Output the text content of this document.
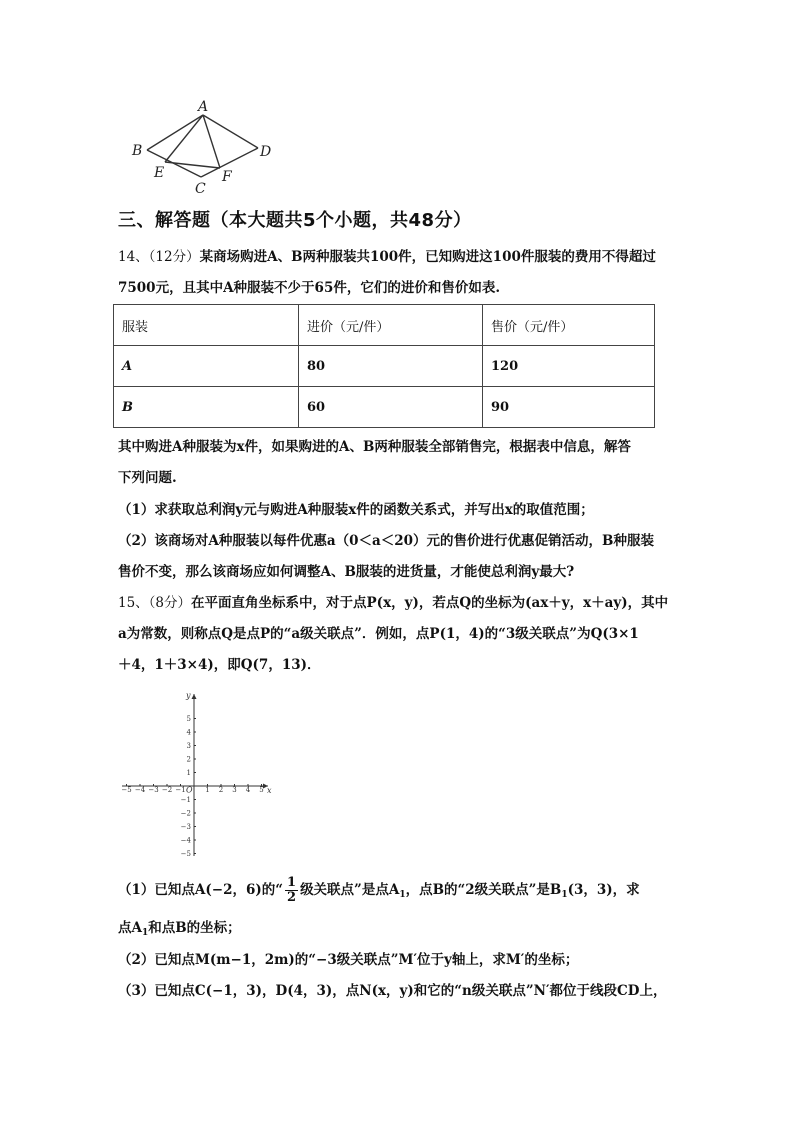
A
B	D
E	F
C
三、解答题（本大题共5个小题，共48分）
14、（12分）某商场购进A、B两种服装共100件，已知购进这100件服装的费用不得超过
7500元，且其中A种服装不少于65件，它们的进价和售价如表.
服装	进价（元/件）	售价（元/件）
A	80	120
B	60	90
其中购进A种服装为x件，如果购进的A、B两种服装全部销售完，根据表中信息，解答
下列问题.
（1）求获取总利润y元与购进A种服装x件的函数关系式，并写出x的取值范围；
（2）该商场对A种服装以每件优惠a（0＜a＜20）元的售价进行优惠促销活动，B种服装
售价不变，那么该商场应如何调整A、B服装的进货量，才能使总利润y最大?
15、（8分）在平面直角坐标系中，对于点P(x，y)，若点Q的坐标为(ax＋y，x＋ay)，其中
a为常数，则称点Q是点P的“a级关联点”．例如，点P(1，4)的“3级关联点”为Q(3×1
＋4，1＋3×4)，即Q(7，13)．
−5 −4 −3 −2 −1	1 2 3 4 5
5
4
3
2
1
−1
−2
−3
−4
−5
O	x
y
（1）已知点A(−2，6)的“ $\frac{1}{2}$ 级关联点”是点$A_1$，点B的“2级关联点”是$B_1(3$，3)，求
点$A_1$和点B的坐标；
（2）已知点M(m−1，2m)的“−3级关联点”M′位于y轴上，求M′的坐标；
（3）已知点C(−1，3)，D(4，3)，点N(x，y)和它的“n级关联点”N′都位于线段CD上，
